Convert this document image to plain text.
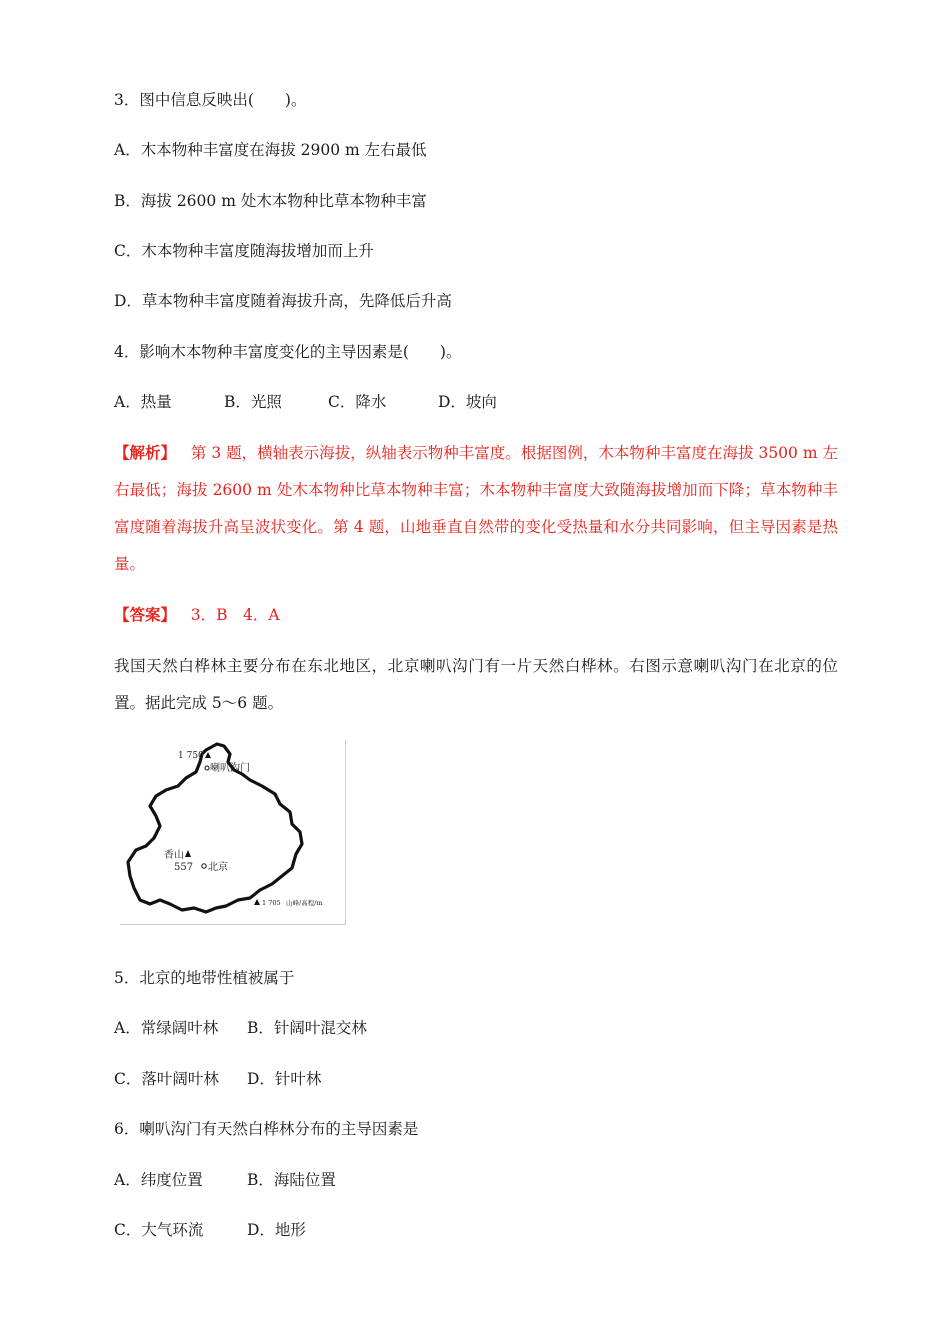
3．图中信息反映出(　　)。
A．木本物种丰富度在海拔 2900 m 左右最低
B．海拔 2600 m 处木本物种比草本物种丰富
C．木本物种丰富度随海拔增加而上升
D．草本物种丰富度随着海拔升高，先降低后升高
4．影响木本物种丰富度变化的主导因素是(　　)。
A．热量	B．光照	C．降水	D．坡向
【解析】 第 3 题，横轴表示海拔，纵轴表示物种丰富度。根据图例，木本物种丰富度在海拔 3500 m 左右最低；海拔 2600 m 处木本物种比草本物种丰富；木本物种丰富度大致随海拔增加而下降；草本物种丰富度随着海拔升高呈波状变化。第 4 题，山地垂直自然带的变化受热量和水分共同影响，但主导因素是热量。
【答案】 3．B　4．A
我国天然白桦林主要分布在东北地区，北京喇叭沟门有一片天然白桦林。右图示意喇叭沟门在北京的位置。据此完成 5～6 题。
1 750
喇叭沟门
香山
557 北京
1 705 山峰/高程/m
5．北京的地带性植被属于
A．常绿阔叶林 B．针阔叶混交林
C．落叶阔叶林 D．针叶林
6．喇叭沟门有天然白桦林分布的主导因素是
A．纬度位置	B．海陆位置
C．大气环流	D．地形
